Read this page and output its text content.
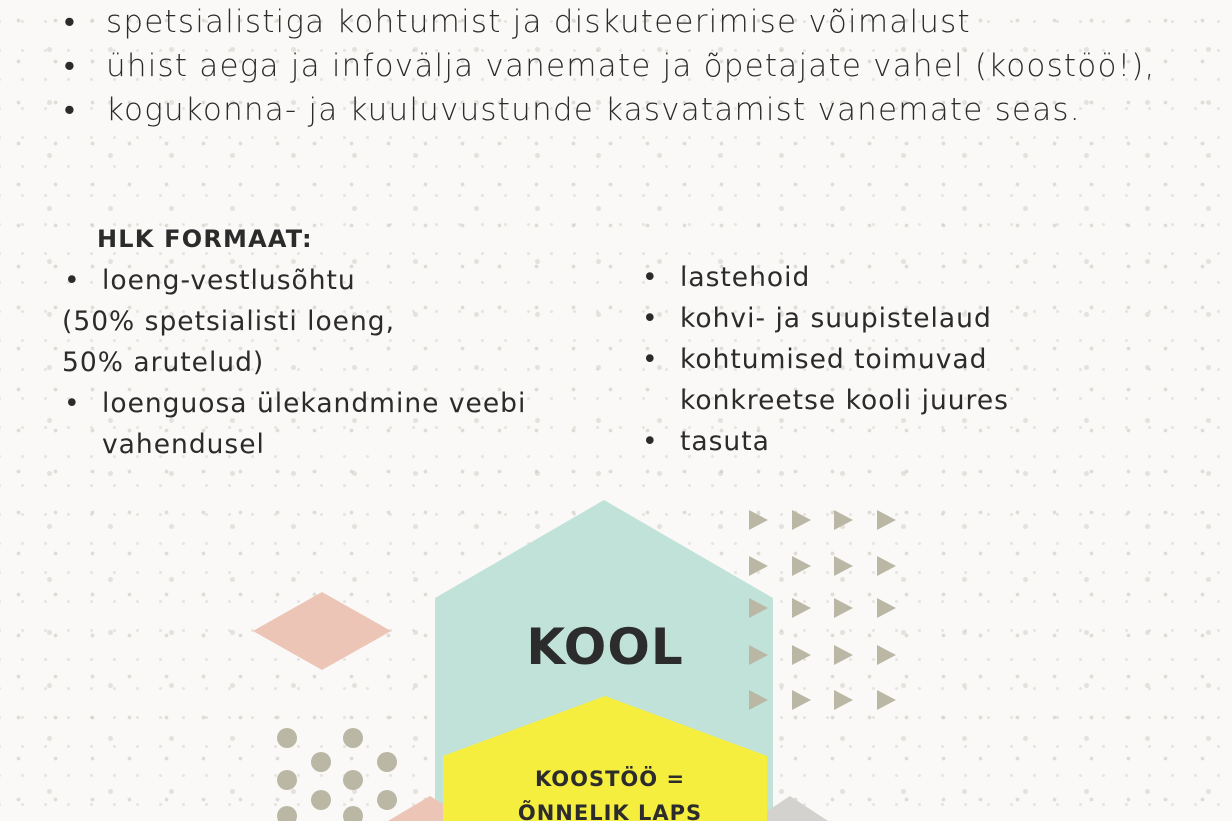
• spetsialistiga kohtumist ja diskuteerimise võimalust
• ühist aega ja infovälja vanemate ja õpetajate vahel (koostöö!),
• kogukonna- ja kuuluvustunde kasvatamist vanemate seas.
HLK FORMAAT:
• loeng-vestlusõhtu
(50% spetsialisti loeng,
50% arutelud)
• loenguosa ülekandmine veebi
vahendusel
• lastehoid
• kohvi- ja suupistelaud
• kohtumised toimuvad
konkreetse kooli juures
• tasuta
KOOL
KOOSTÖÖ =
ÕNNELIK LAPS
